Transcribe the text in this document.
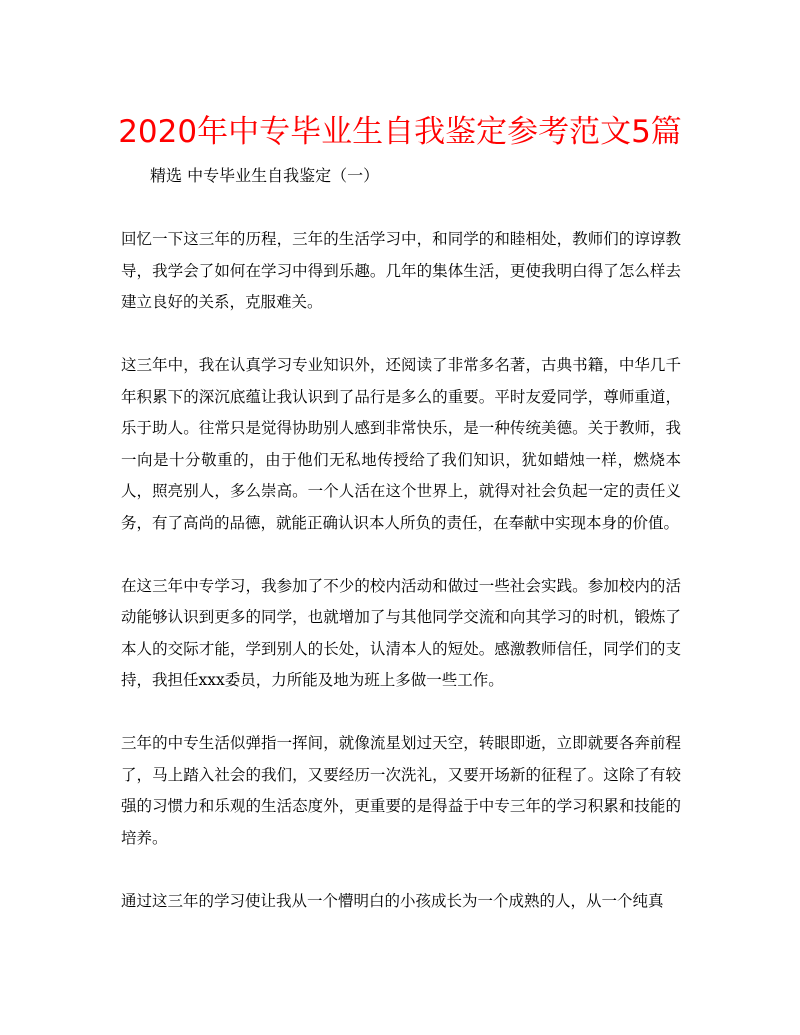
2020年中专毕业生自我鉴定参考范文5篇
精选 中专毕业生自我鉴定（一）

回忆一下这三年的历程，三年的生活学习中，和同学的和睦相处，教师们的谆谆教导，我学会了如何在学习中得到乐趣。几年的集体生活，更使我明白得了怎么样去建立良好的关系，克服难关。

这三年中，我在认真学习专业知识外，还阅读了非常多名著，古典书籍，中华几千年积累下的深沉底蕴让我认识到了品行是多么的重要。平时友爱同学，尊师重道，乐于助人。往常只是觉得协助别人感到非常快乐，是一种传统美德。关于教师，我一向是十分敬重的，由于他们无私地传授给了我们知识，犹如蜡烛一样，燃烧本人，照亮别人，多么崇高。一个人活在这个世界上，就得对社会负起一定的责任义务，有了高尚的品德，就能正确认识本人所负的责任，在奉献中实现本身的价值。

在这三年中专学习，我参加了不少的校内活动和做过一些社会实践。参加校内的活动能够认识到更多的同学，也就增加了与其他同学交流和向其学习的时机，锻炼了本人的交际才能，学到别人的长处，认清本人的短处。感激教师信任，同学们的支持，我担任xxx委员，力所能及地为班上多做一些工作。

三年的中专生活似弹指一挥间，就像流星划过天空，转眼即逝，立即就要各奔前程了，马上踏入社会的我们，又要经历一次洗礼，又要开场新的征程了。这除了有较强的习惯力和乐观的生活态度外，更重要的是得益于中专三年的学习积累和技能的培养。

通过这三年的学习使让我从一个懵明白的小孩成长为一个成熟的人，从一个纯真
